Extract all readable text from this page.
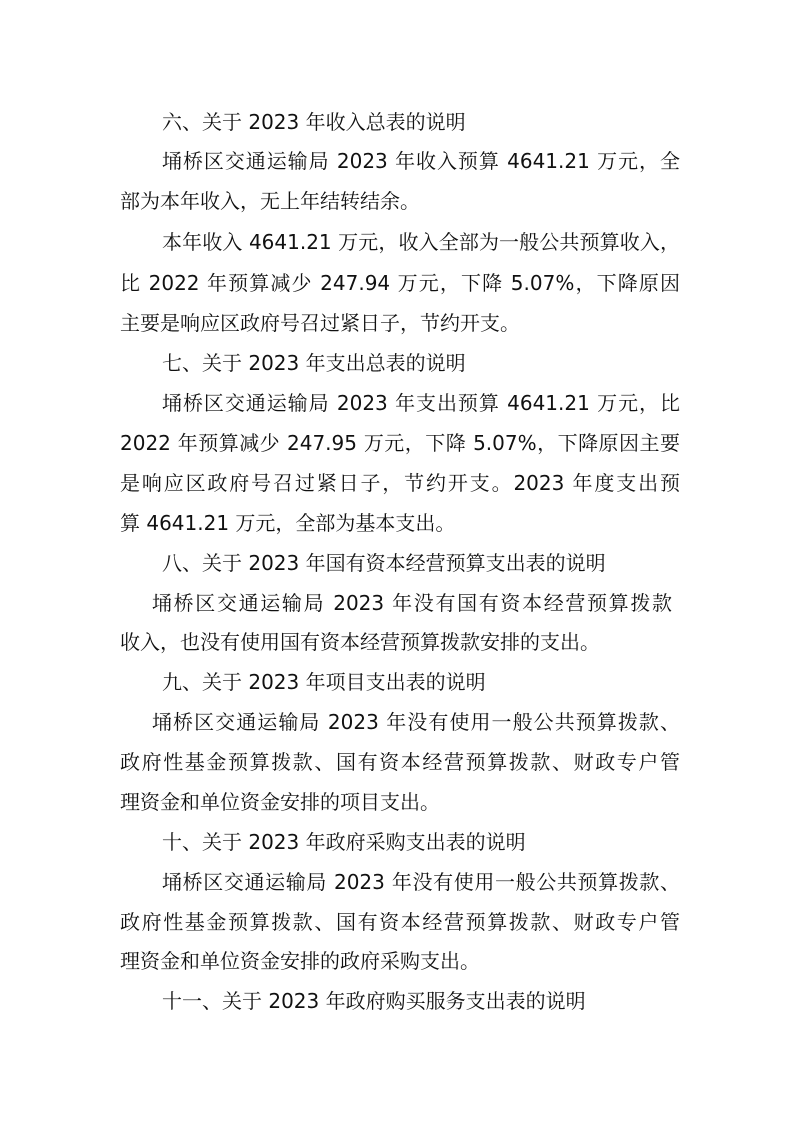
六、关于 2023 年收入总表的说明
埇桥区交通运输局 2023 年收入预算 4641.21 万元，全
部为本年收入，无上年结转结余。
本年收入 4641.21 万元，收入全部为一般公共预算收入，
比 2022 年预算减少 247.94 万元，下降 5.07%，下降原因
主要是响应区政府号召过紧日子，节约开支。
七、关于 2023 年支出总表的说明
埇桥区交通运输局 2023 年支出预算 4641.21 万元，比
2022 年预算减少 247.95 万元，下降 5.07%，下降原因主要
是响应区政府号召过紧日子，节约开支。2023 年度支出预
算 4641.21 万元，全部为基本支出。
八、关于 2023 年国有资本经营预算支出表的说明
埇桥区交通运输局 2023 年没有国有资本经营预算拨款
收入，也没有使用国有资本经营预算拨款安排的支出。
九、关于 2023 年项目支出表的说明
埇桥区交通运输局 2023 年没有使用一般公共预算拨款、
政府性基金预算拨款、国有资本经营预算拨款、财政专户管
理资金和单位资金安排的项目支出。
十、关于 2023 年政府采购支出表的说明
埇桥区交通运输局 2023 年没有使用一般公共预算拨款、
政府性基金预算拨款、国有资本经营预算拨款、财政专户管
理资金和单位资金安排的政府采购支出。
十一、关于 2023 年政府购买服务支出表的说明
